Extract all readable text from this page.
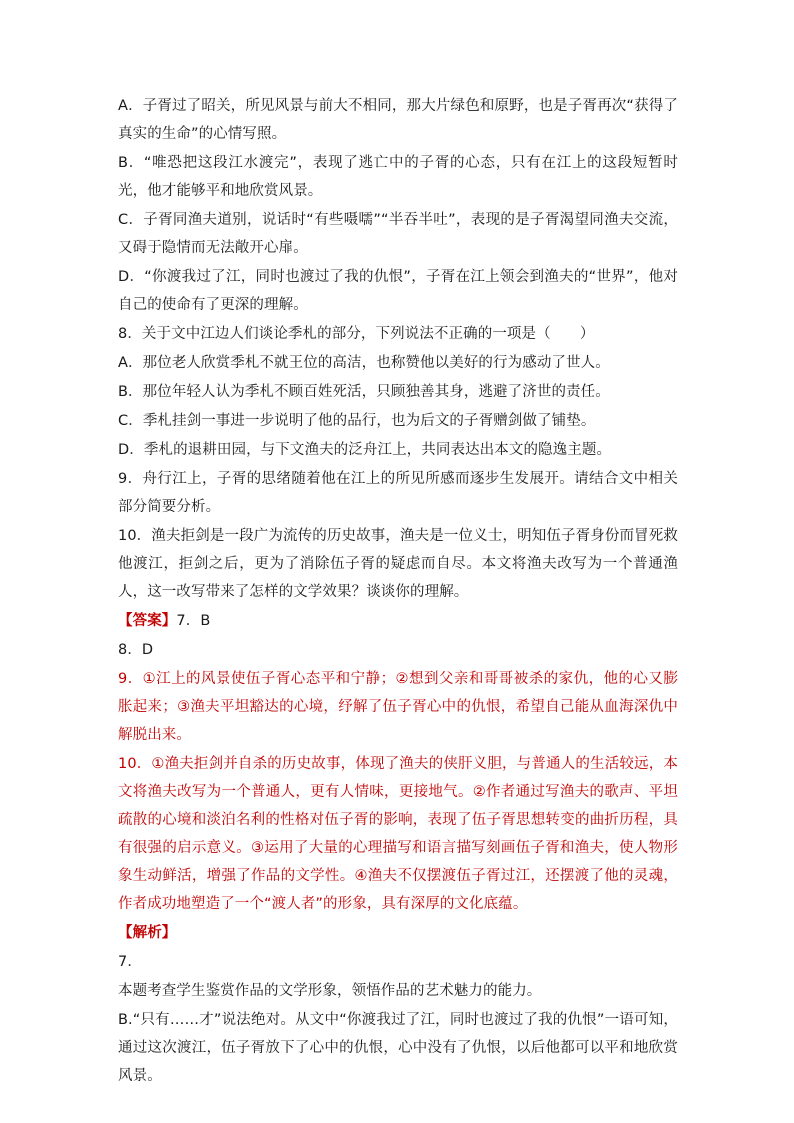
A．子胥过了昭关，所见风景与前大不相同，那大片绿色和原野，也是子胥再次“获得了真实的生命”的心情写照。

B．“唯恐把这段江水渡完”，表现了逃亡中的子胥的心态，只有在江上的这段短暂时光，他才能够平和地欣赏风景。

C．子胥同渔夫道别，说话时“有些嗫嚅”“半吞半吐”，表现的是子胥渴望同渔夫交流，又碍于隐情而无法敞开心扉。

D．“你渡我过了江，同时也渡过了我的仇恨”，子胥在江上领会到渔夫的“世界”，他对自己的使命有了更深的理解。

8．关于文中江边人们谈论季札的部分，下列说法不正确的一项是（　　）

A．那位老人欣赏季札不就王位的高洁，也称赞他以美好的行为感动了世人。

B．那位年轻人认为季札不顾百姓死活，只顾独善其身，逃避了济世的责任。

C．季札挂剑一事进一步说明了他的品行，也为后文的子胥赠剑做了铺垫。

D．季札的退耕田园，与下文渔夫的泛舟江上，共同表达出本文的隐逸主题。

9．舟行江上，子胥的思绪随着他在江上的所见所感而逐步生发展开。请结合文中相关部分简要分析。

10．渔夫拒剑是一段广为流传的历史故事，渔夫是一位义士，明知伍子胥身份而冒死救他渡江，拒剑之后，更为了消除伍子胥的疑虑而自尽。本文将渔夫改写为一个普通渔人，这一改写带来了怎样的文学效果？谈谈你的理解。

【答案】7．B

8．D

9．①江上的风景使伍子胥心态平和宁静；②想到父亲和哥哥被杀的家仇，他的心又膨胀起来；③渔夫平坦豁达的心境，纾解了伍子胥心中的仇恨，希望自己能从血海深仇中解脱出来。

10．①渔夫拒剑并自杀的历史故事，体现了渔夫的侠肝义胆，与普通人的生活较远，本文将渔夫改写为一个普通人，更有人情味，更接地气。②作者通过写渔夫的歌声、平坦疏散的心境和淡泊名利的性格对伍子胥的影响，表现了伍子胥思想转变的曲折历程，具有很强的启示意义。③运用了大量的心理描写和语言描写刻画伍子胥和渔夫，使人物形象生动鲜活，增强了作品的文学性。④渔夫不仅摆渡伍子胥过江，还摆渡了他的灵魂，作者成功地塑造了一个“渡人者”的形象，具有深厚的文化底蕴。

【解析】

7．

本题考查学生鉴赏作品的文学形象，领悟作品的艺术魅力的能力。

B.“只有……才”说法绝对。从文中“你渡我过了江，同时也渡过了我的仇恨”一语可知，通过这次渡江，伍子胥放下了心中的仇恨，心中没有了仇恨，以后他都可以平和地欣赏风景。
